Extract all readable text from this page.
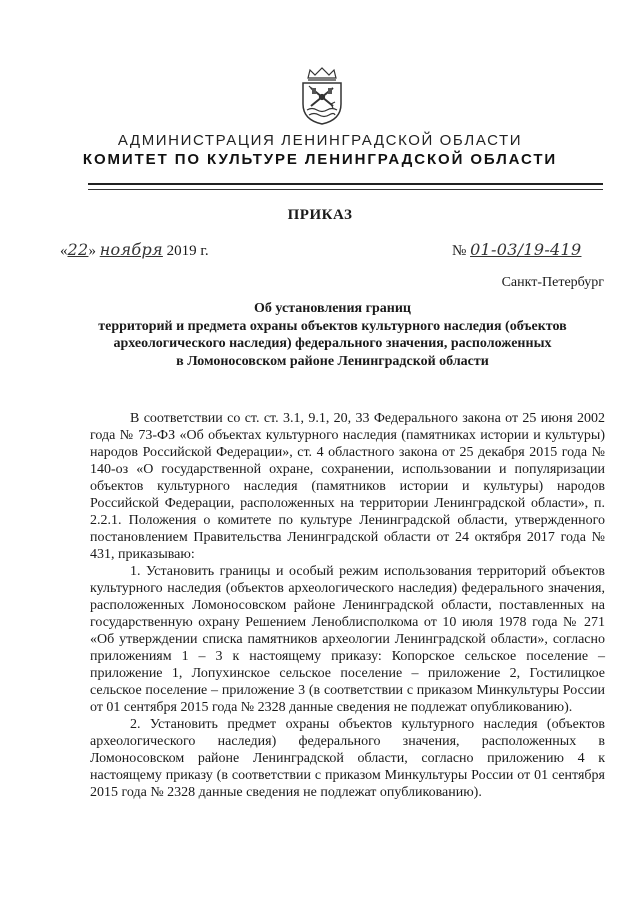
АДМИНИСТРАЦИЯ ЛЕНИНГРАДСКОЙ ОБЛАСТИ
КОМИТЕТ ПО КУЛЬТУРЕ ЛЕНИНГРАДСКОЙ ОБЛАСТИ
ПРИКАЗ
«22» ноября 2019 г.	№ 01-03/19-419
Санкт-Петербург
Об установления границ
территорий и предмета охраны объектов культурного наследия (объектов
археологического наследия) федерального значения, расположенных
в Ломоносовском районе Ленинградской области

В соответствии со ст. ст. 3.1, 9.1, 20, 33 Федерального закона от 25 июня 2002 года № 73-ФЗ «Об объектах культурного наследия (памятниках истории и культуры) народов Российской Федерации», ст. 4 областного закона от 25 декабря 2015 года № 140-оз «О государственной охране, сохранении, использовании и популяризации объектов культурного наследия (памятников истории и культуры) народов Российской Федерации, расположенных на территории Ленинградской области», п. 2.2.1. Положения о комитете по культуре Ленинградской области, утвержденного постановлением Правительства Ленинградской области от 24 октября 2017 года № 431, приказываю:

1. Установить границы и особый режим использования территорий объектов культурного наследия (объектов археологического наследия) федерального значения, расположенных Ломоносовском районе Ленинградской области, поставленных на государственную охрану Решением Леноблисполкома от 10 июля 1978 года № 271 «Об утверждении списка памятников археологии Ленинградской области», согласно приложениям 1 – 3 к настоящему приказу: Копорское сельское поселение – приложение 1, Лопухинское сельское поселение – приложение 2, Гостилицкое сельское поселение – приложение 3 (в соответствии с приказом Минкультуры России от 01 сентября 2015 года № 2328 данные сведения не подлежат опубликованию).

2. Установить предмет охраны объектов культурного наследия (объектов археологического наследия) федерального значения, расположенных в Ломоносовском районе Ленинградской области, согласно приложению 4 к настоящему приказу (в соответствии с приказом Минкультуры России от 01 сентября 2015 года № 2328 данные сведения не подлежат опубликованию).
